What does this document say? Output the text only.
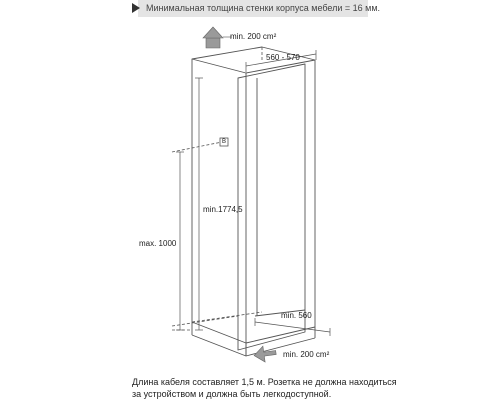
Минимальная толщина стенки корпуса мебели = 16 мм.
B
min. 200 cm²
560 - 570
min.1774,5
max. 1000
min. 560
min. 200 cm²

Длина кабеля составляет 1,5 м. Розетка не должна находиться

за устройством и должна быть легкодоступной.
